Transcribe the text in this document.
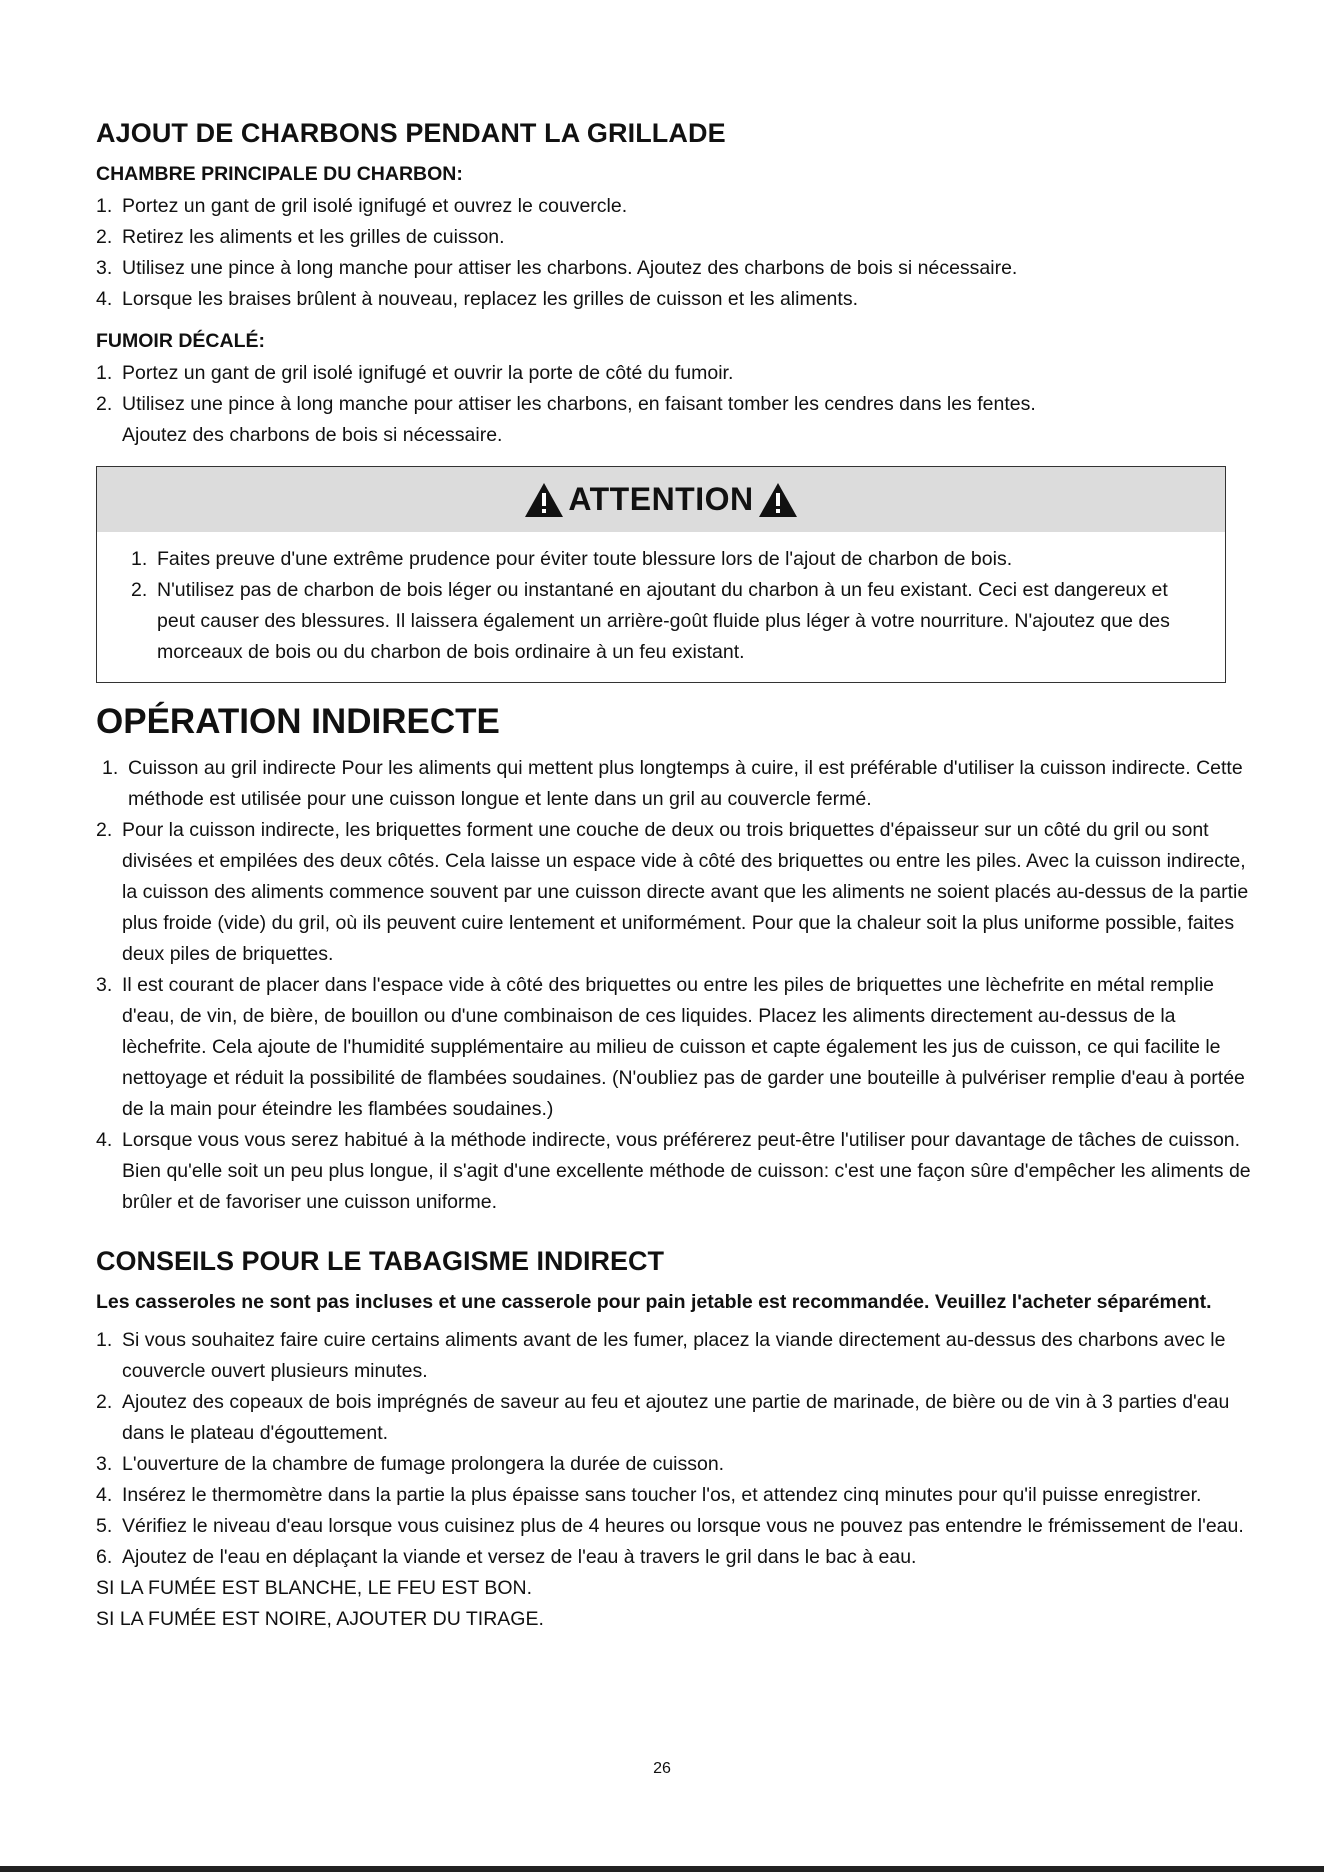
AJOUT DE CHARBONS PENDANT LA GRILLADE
CHAMBRE PRINCIPALE DU CHARBON:
1. Portez un gant de gril isolé ignifugé et ouvrez le couvercle.
2. Retirez les aliments et les grilles de cuisson.
3. Utilisez une pince à long manche pour attiser les charbons. Ajoutez des charbons de bois si nécessaire.
4. Lorsque les braises brûlent à nouveau, replacez les grilles de cuisson et les aliments.
FUMOIR DÉCALÉ:
1. Portez un gant de gril isolé ignifugé et ouvrir la porte de côté du fumoir.
2. Utilisez une pince à long manche pour attiser les charbons, en faisant tomber les cendres dans les fentes. Ajoutez des charbons de bois si nécessaire.
ATTENTION
1. Faites preuve d'une extrême prudence pour éviter toute blessure lors de l'ajout de charbon de bois.
2. N'utilisez pas de charbon de bois léger ou instantané en ajoutant du charbon à un feu existant. Ceci est dangereux et peut causer des blessures. Il laissera également un arrière-goût fluide plus léger à votre nourriture. N'ajoutez que des morceaux de bois ou du charbon de bois ordinaire à un feu existant.
OPÉRATION INDIRECTE
1. Cuisson au gril indirecte Pour les aliments qui mettent plus longtemps à cuire, il est préférable d'utiliser la cuisson indirecte. Cette méthode est utilisée pour une cuisson longue et lente dans un gril au couvercle fermé.
2. Pour la cuisson indirecte, les briquettes forment une couche de deux ou trois briquettes d'épaisseur sur un côté du gril ou sont divisées et empilées des deux côtés. Cela laisse un espace vide à côté des briquettes ou entre les piles. Avec la cuisson indirecte, la cuisson des aliments commence souvent par une cuisson directe avant que les aliments ne soient placés au-dessus de la partie plus froide (vide) du gril, où ils peuvent cuire lentement et uniformément. Pour que la chaleur soit la plus uniforme possible, faites deux piles de briquettes.
3. Il est courant de placer dans l'espace vide à côté des briquettes ou entre les piles de briquettes une lèchefrite en métal remplie d'eau, de vin, de bière, de bouillon ou d'une combinaison de ces liquides. Placez les aliments directement au-dessus de la lèchefrite. Cela ajoute de l'humidité supplémentaire au milieu de cuisson et capte également les jus de cuisson, ce qui facilite le nettoyage et réduit la possibilité de flambées soudaines. (N'oubliez pas de garder une bouteille à pulvériser remplie d'eau à portée de la main pour éteindre les flambées soudaines.)
4. Lorsque vous vous serez habitué à la méthode indirecte, vous préférerez peut-être l'utiliser pour davantage de tâches de cuisson. Bien qu'elle soit un peu plus longue, il s'agit d'une excellente méthode de cuisson: c'est une façon sûre d'empêcher les aliments de brûler et de favoriser une cuisson uniforme.
CONSEILS POUR LE TABAGISME INDIRECT

Les casseroles ne sont pas incluses et une casserole pour pain jetable est recommandée. Veuillez l'acheter séparément.

1. Si vous souhaitez faire cuire certains aliments avant de les fumer, placez la viande directement au-dessus des charbons avec le couvercle ouvert plusieurs minutes.
2. Ajoutez des copeaux de bois imprégnés de saveur au feu et ajoutez une partie de marinade, de bière ou de vin à 3 parties d'eau dans le plateau d'égouttement.
3. L'ouverture de la chambre de fumage prolongera la durée de cuisson.
4. Insérez le thermomètre dans la partie la plus épaisse sans toucher l'os, et attendez cinq minutes pour qu'il puisse enregistrer.
5. Vérifiez le niveau d'eau lorsque vous cuisinez plus de 4 heures ou lorsque vous ne pouvez pas entendre le frémissement de l'eau.
6. Ajoutez de l'eau en déplaçant la viande et versez de l'eau à travers le gril dans le bac à eau.

SI LA FUMÉE EST BLANCHE, LE FEU EST BON.

SI LA FUMÉE EST NOIRE, AJOUTER DU TIRAGE.

26
